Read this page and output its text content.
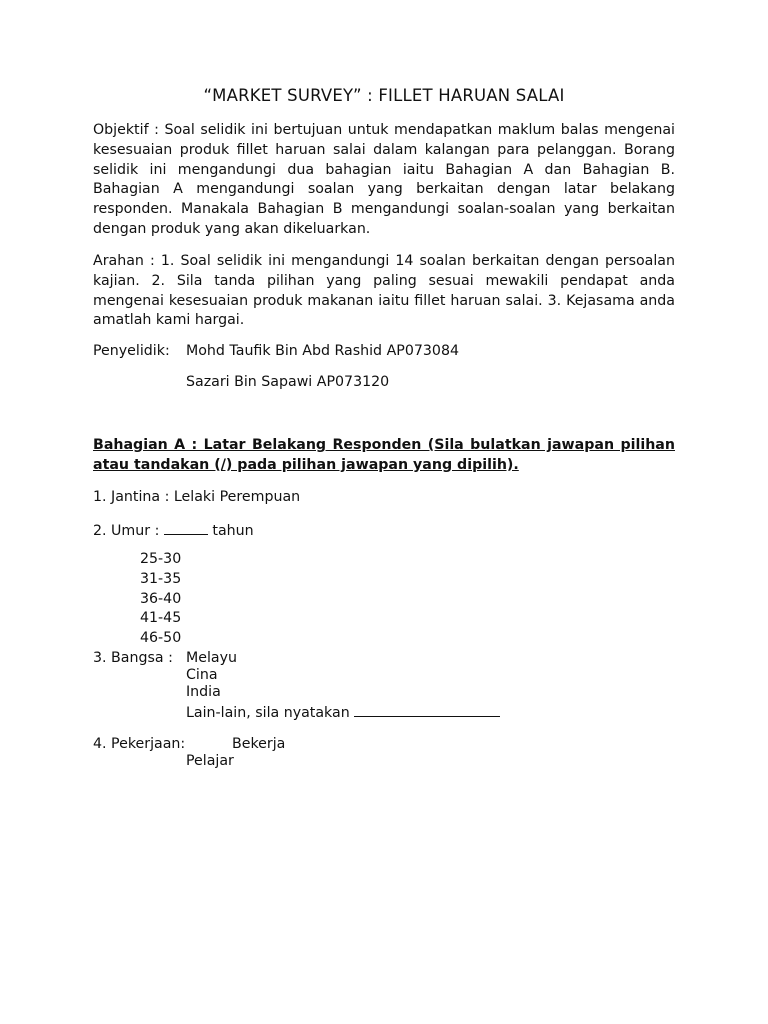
“MARKET SURVEY” : FILLET HARUAN SALAI

Objektif : Soal selidik ini bertujuan untuk mendapatkan maklum balas mengenai kesesuaian produk fillet haruan salai dalam kalangan para pelanggan. Borang selidik ini mengandungi dua bahagian iaitu Bahagian A dan Bahagian B. Bahagian A mengandungi soalan yang berkaitan dengan latar belakang responden. Manakala Bahagian B mengandungi soalan-soalan yang berkaitan dengan produk yang akan dikeluarkan.

Arahan : 1. Soal selidik ini mengandungi 14 soalan berkaitan dengan persoalan kajian. 2. Sila tanda pilihan yang paling sesuai mewakili pendapat anda mengenai kesesuaian produk makanan iaitu fillet haruan salai. 3. Kejasama anda amatlah kami hargai.

Penyelidik: Mohd Taufik Bin Abd Rashid AP073084
Sazari Bin Sapawi AP073120

Bahagian A : Latar Belakang Responden (Sila bulatkan jawapan pilihan atau tandakan (/) pada pilihan jawapan yang dipilih).

1. Jantina : Lelaki Perempuan
2. Umur :	tahun
25-30
31-35
36-40
41-45
46-50
3. Bangsa : Melayu
Cina
India
Lain-lain, sila nyatakan
4. Pekerjaan:	Bekerja
Pelajar
